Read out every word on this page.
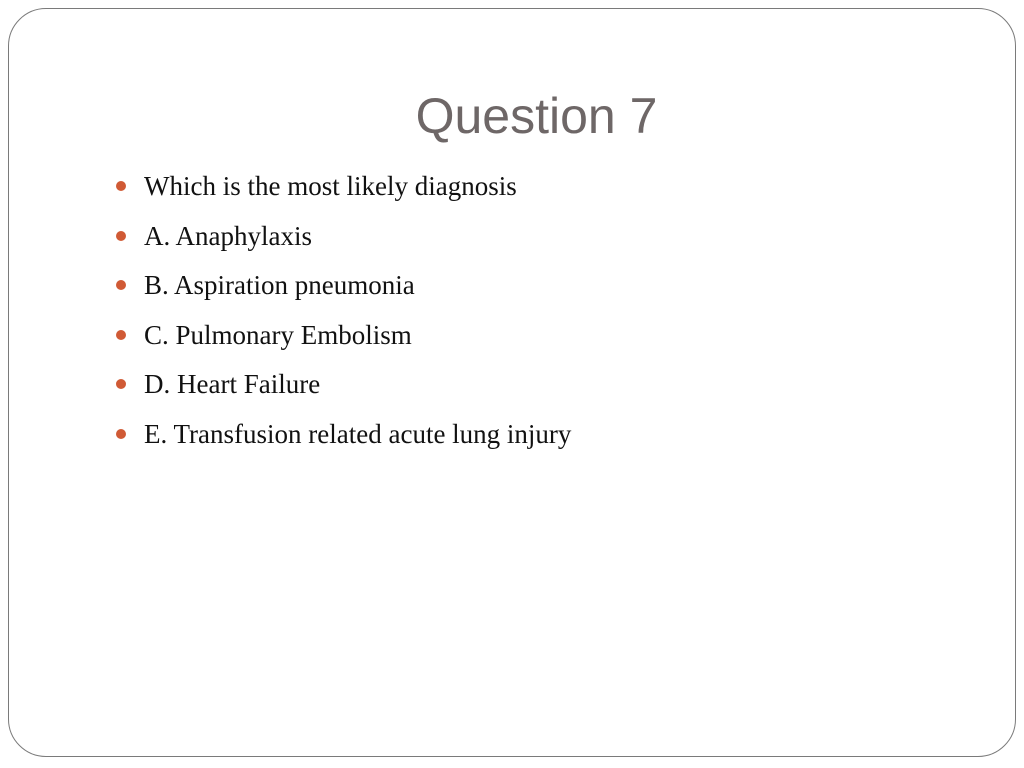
Question 7
Which is the most likely diagnosis
A. Anaphylaxis
B. Aspiration pneumonia
C. Pulmonary Embolism
D. Heart Failure
E. Transfusion related acute lung injury
